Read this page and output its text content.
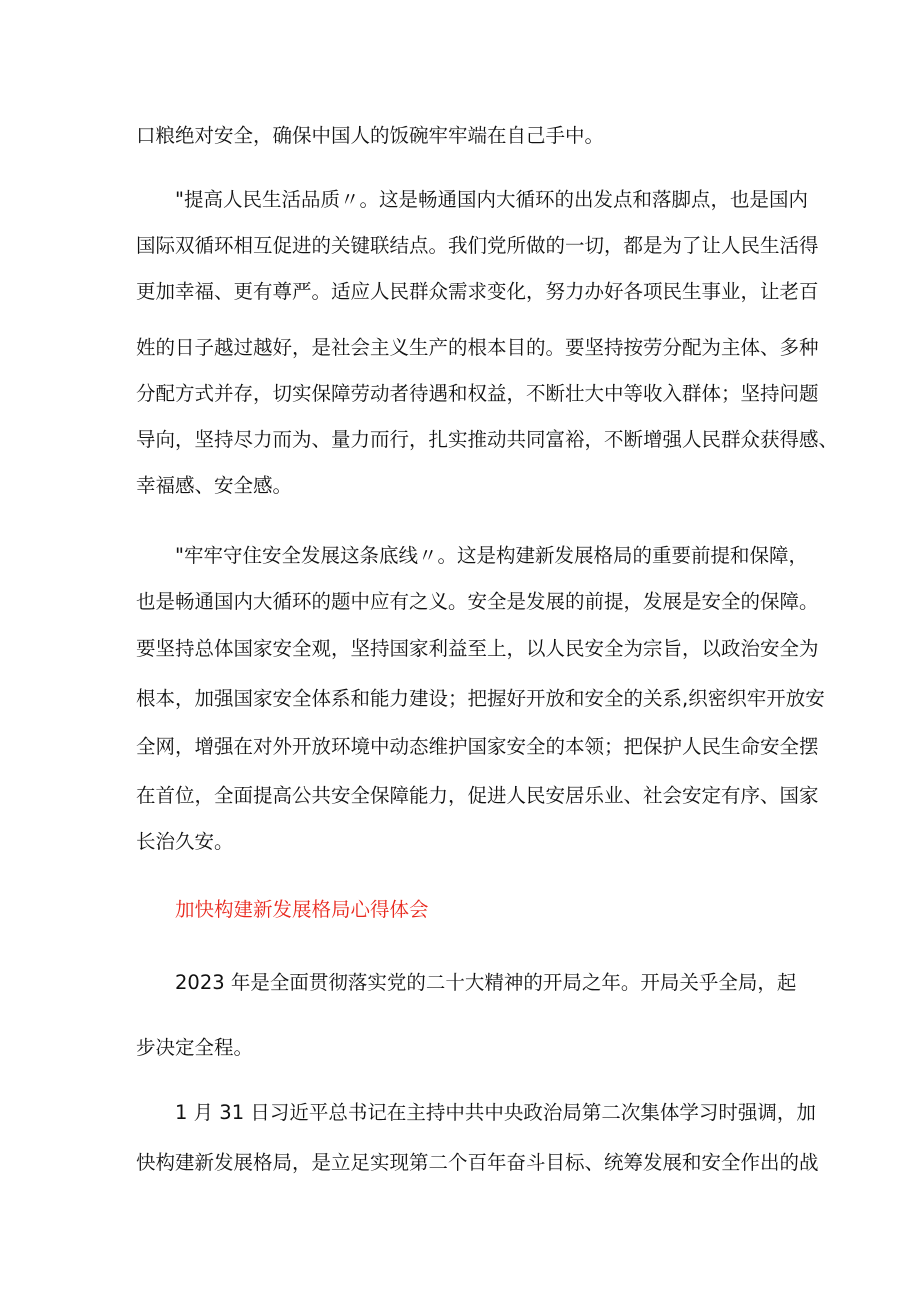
口粮绝对安全，确保中国人的饭碗牢牢端在自己手中。
"提高人民生活品质〃。这是畅通国内大循环的出发点和落脚点，也是国内
国际双循环相互促进的关键联结点。我们党所做的一切，都是为了让人民生活得
更加幸福、更有尊严。适应人民群众需求变化，努力办好各项民生事业，让老百
姓的日子越过越好，是社会主义生产的根本目的。要坚持按劳分配为主体、多种
分配方式并存，切实保障劳动者待遇和权益，不断壮大中等收入群体；坚持问题
导向，坚持尽力而为、量力而行，扎实推动共同富裕，不断增强人民群众获得感、
幸福感、安全感。
"牢牢守住安全发展这条底线〃。这是构建新发展格局的重要前提和保障，
也是畅通国内大循环的题中应有之义。安全是发展的前提，发展是安全的保障。
要坚持总体国家安全观，坚持国家利益至上，以人民安全为宗旨，以政治安全为
根本，加强国家安全体系和能力建设；把握好开放和安全的关系,织密织牢开放安
全网，增强在对外开放环境中动态维护国家安全的本领；把保护人民生命安全摆
在首位，全面提高公共安全保障能力，促进人民安居乐业、社会安定有序、国家
长治久安。
加快构建新发展格局心得体会
2023 年是全面贯彻落实党的二十大精神的开局之年。开局关乎全局，起
步决定全程。
1 月 31 日习近平总书记在主持中共中央政治局第二次集体学习时强调，加
快构建新发展格局，是立足实现第二个百年奋斗目标、统筹发展和安全作出的战
